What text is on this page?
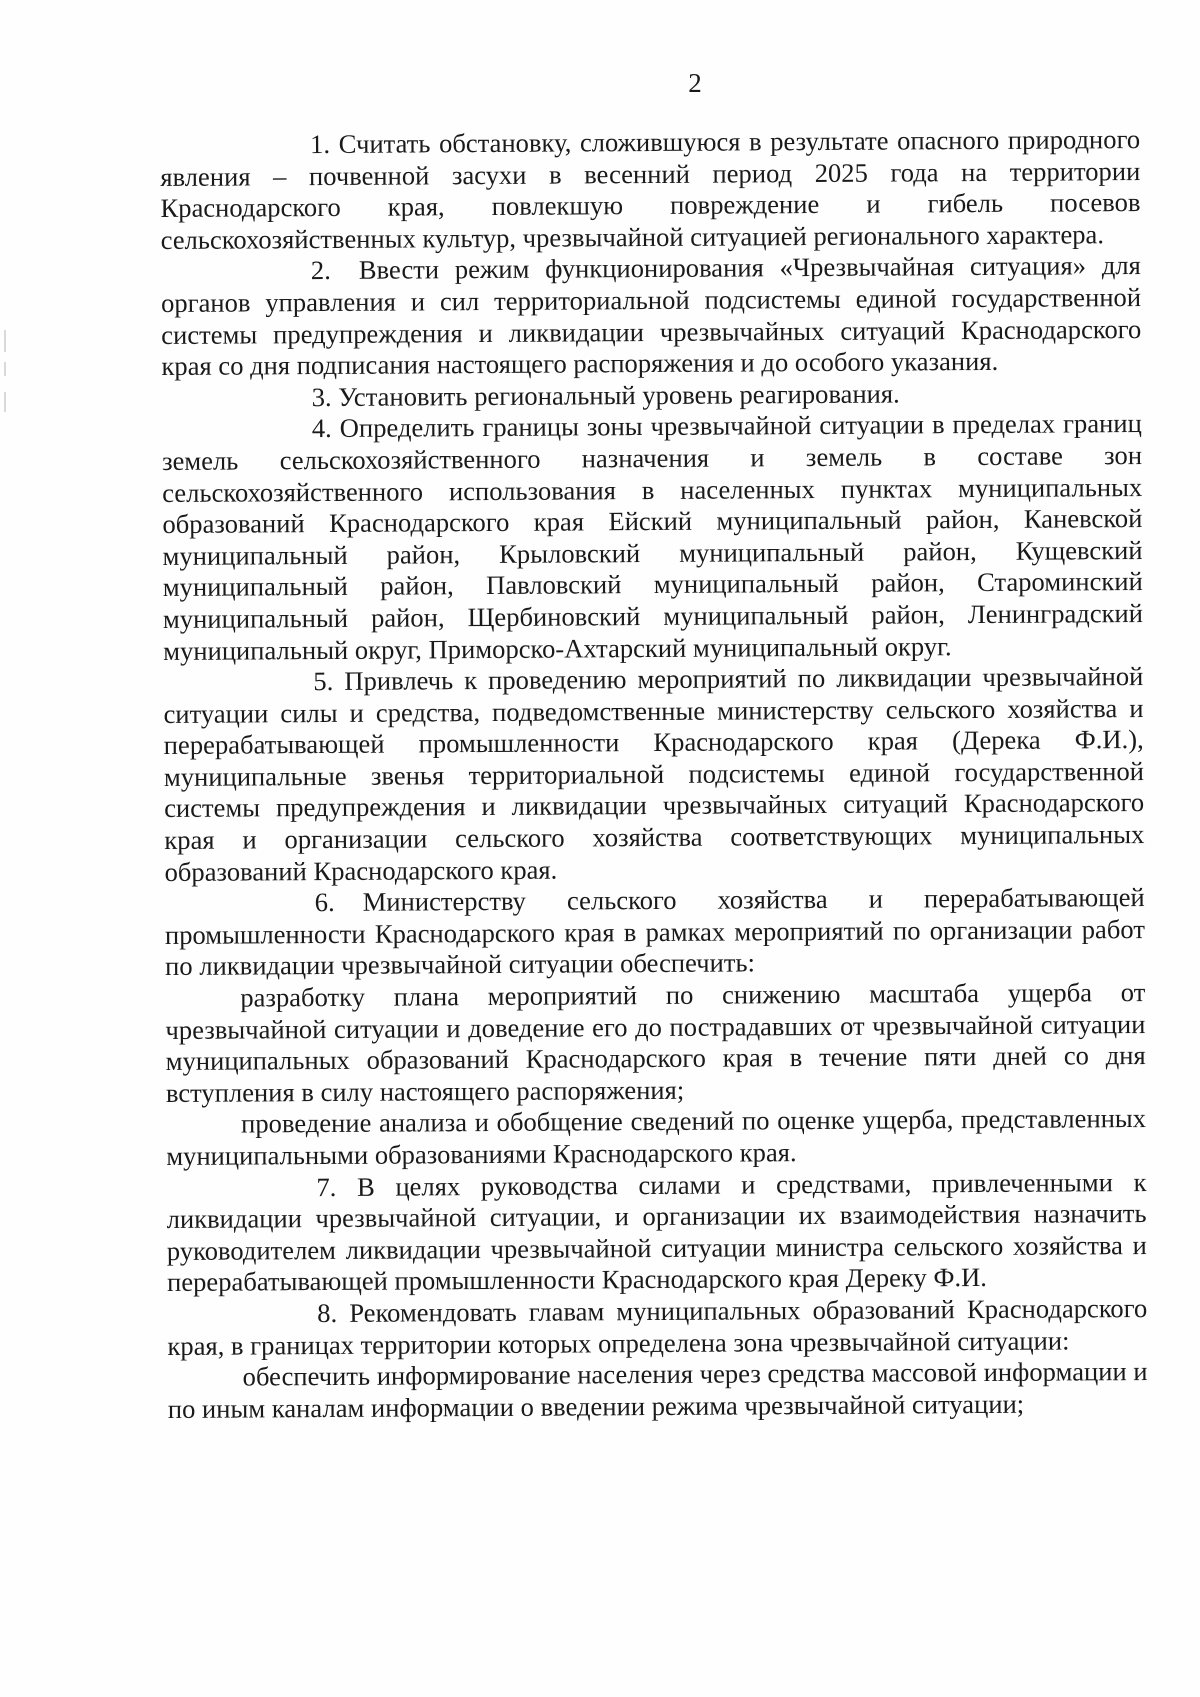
2

1. Считать обстановку, сложившуюся в результате опасного природного явления – почвенной засухи в весенний период 2025 года на территории Краснодарского края, повлекшую повреждение и гибель посевов сельскохозяйственных культур, чрезвычайной ситуацией регионального характера.

2. Ввести режим функционирования «Чрезвычайная ситуация» для органов управления и сил территориальной подсистемы единой государственной системы предупреждения и ликвидации чрезвычайных ситуаций Краснодарского края со дня подписания настоящего распоряжения и до особого указания.

3. Установить региональный уровень реагирования.

4. Определить границы зоны чрезвычайной ситуации в пределах границ земель сельскохозяйственного назначения и земель в составе зон сельскохозяйственного использования в населенных пунктах муниципальных образований Краснодарского края Ейский муниципальный район, Каневской муниципальный район, Крыловский муниципальный район, Кущевский муниципальный район, Павловский муниципальный район, Староминский муниципальный район, Щербиновский муниципальный район, Ленинградский муниципальный округ, Приморско-Ахтарский муниципальный округ.

5. Привлечь к проведению мероприятий по ликвидации чрезвычайной ситуации силы и средства, подведомственные министерству сельского хозяйства и перерабатывающей промышленности Краснодарского края (Дерека Ф.И.), муниципальные звенья территориальной подсистемы единой государственной системы предупреждения и ликвидации чрезвычайных ситуаций Краснодарского края и организации сельского хозяйства соответствующих муниципальных образований Краснодарского края.

6. Министерству сельского хозяйства и перерабатывающей промышленности Краснодарского края в рамках мероприятий по организации работ по ликвидации чрезвычайной ситуации обеспечить:

разработку плана мероприятий по снижению масштаба ущерба от чрезвычайной ситуации и доведение его до пострадавших от чрезвычайной ситуации муниципальных образований Краснодарского края в течение пяти дней со дня вступления в силу настоящего распоряжения;

проведение анализа и обобщение сведений по оценке ущерба, представленных муниципальными образованиями Краснодарского края.

7. В целях руководства силами и средствами, привлеченными к ликвидации чрезвычайной ситуации, и организации их взаимодействия назначить руководителем ликвидации чрезвычайной ситуации министра сельского хозяйства и перерабатывающей промышленности Краснодарского края Дереку Ф.И.

8. Рекомендовать главам муниципальных образований Краснодарского края, в границах территории которых определена зона чрезвычайной ситуации:

обеспечить информирование населения через средства массовой информации и по иным каналам информации о введении режима чрезвычайной ситуации;
